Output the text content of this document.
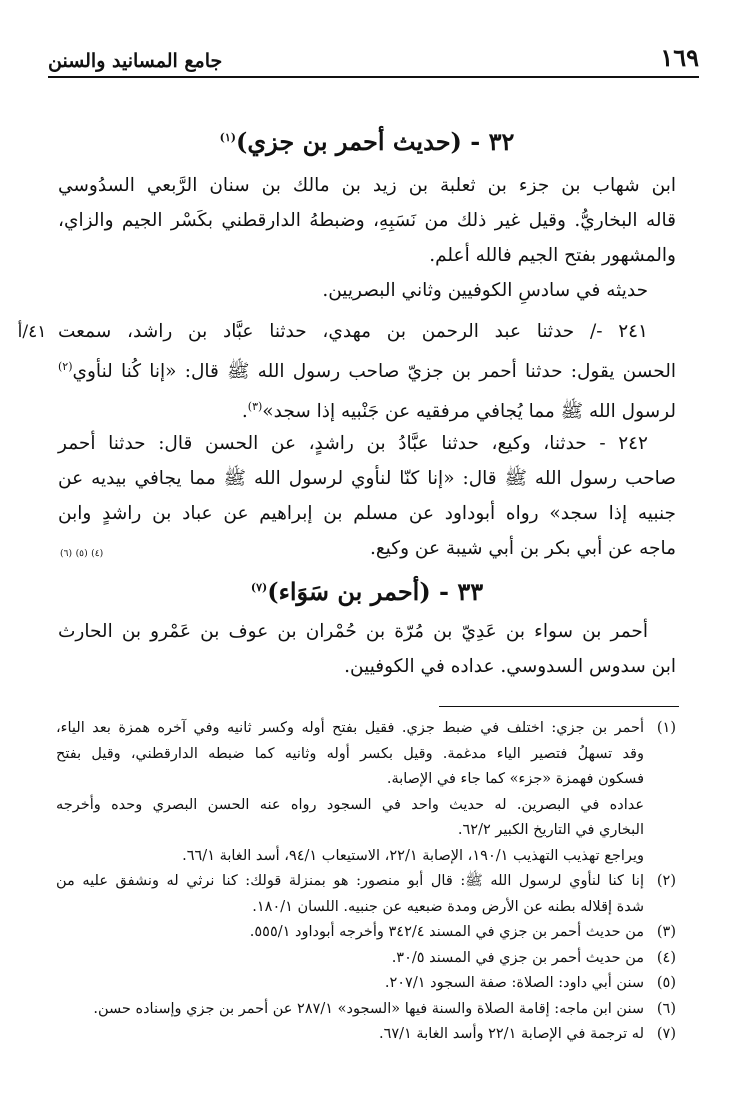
١٦٩
جامع المسانيد والسنن
٣٢ - (حديث أحمر بن جزي)$^{(١)}$
ابن شهاب بن جزء بن ثعلبة بن زيد بن مالك بن سنان الرَّبعي السدُوسي
قاله البخاريُّ. وقيل غير ذلك من نَسَبِهِ، وضبطهُ الدارقطني بكَسْر الجيم والزاي،
والمشهور بفتح الجيم فالله أعلم.
حديثه في سادسِ الكوفيين وثاني البصريين.
٤١/أ ٢٤١ -/ حدثنا عبد الرحمن بن مهدي، حدثنا عبَّاد بن راشد، سمعت
الحسن يقول: حدثنا أحمر بن جزيّ صاحب رسول الله ﷺ قال: «إنا كُنا لنأوي$^{(٢)}$
لرسول الله ﷺ مما يُجافي مرفقيه عن جَنْبيه إذا سجد»$^{(٣)}$.
٢٤٢ - حدثنا، وكيع، حدثنا عبَّادُ بن راشدٍ، عن الحسن قال: حدثنا أحمر
صاحب رسول الله ﷺ قال: «إنا كنّا لنأوي لرسول الله ﷺ مما يجافي بيديه عن
جنبيه إذا سجد» رواه أبوداود عن مسلم بن إبراهيم عن عباد بن راشدٍ وابن
ماجه عن أبي بكر بن أبي شيبة عن وكيع.
$^{(٤)}$ $^{(٥)}$ $^{(٦)}$
٣٣ - (أحمر بن سَوَاء)$^{(٧)}$
أحمر بن سواء بن عَدِيّ بن مُرّة بن حُمْران بن عوف بن عَمْرو بن الحارث
ابن سدوس السدوسي. عداده في الكوفيين.
(١)
أحمر بن جزي: اختلف في ضبط جزي. فقيل بفتح أوله وكسر ثانيه وفي آخره همزة بعد الياء،
وقد تسهلُ فتصير الياء مدغمة. وقيل بكسر أوله وثانيه كما ضبطه الدارقطني، وقيل بفتح
فسكون فهمزة «جزء» كما جاء في الإصابة.
عداده في البصرين. له حديث واحد في السجود رواه عنه الحسن البصري وحده وأخرجه
البخاري في التاريخ الكبير ٦٢/٢.
ويراجع تهذيب التهذيب ١٩٠/١، الإصابة ٢٢/١، الاستيعاب ٩٤/١، أسد الغابة ٦٦/١.
(٢)
إنا كنا لنأوي لرسول الله ﷺ: قال أبو منصور: هو بمنزلة قولك: كنا نرثي له ونشفق عليه من
شدة إقلاله بطنه عن الأرض ومدة ضبعيه عن جنبيه. اللسان ١٨٠/١.
(٣)
من حديث أحمر بن جزي في المسند ٣٤٢/٤ وأخرجه أبوداود ٥٥٥/١.
(٤)
من حديث أحمر بن جزي في المسند ٣٠/٥.
(٥)
سنن أبي داود: الصلاة: صفة السجود ٢٠٧/١.
(٦)
سنن ابن ماجه: إقامة الصلاة والسنة فيها «السجود» ٢٨٧/١ عن أحمر بن جزي وإسناده حسن.
(٧)
له ترجمة في الإصابة ٢٢/١ وأسد الغابة ٦٧/١.
